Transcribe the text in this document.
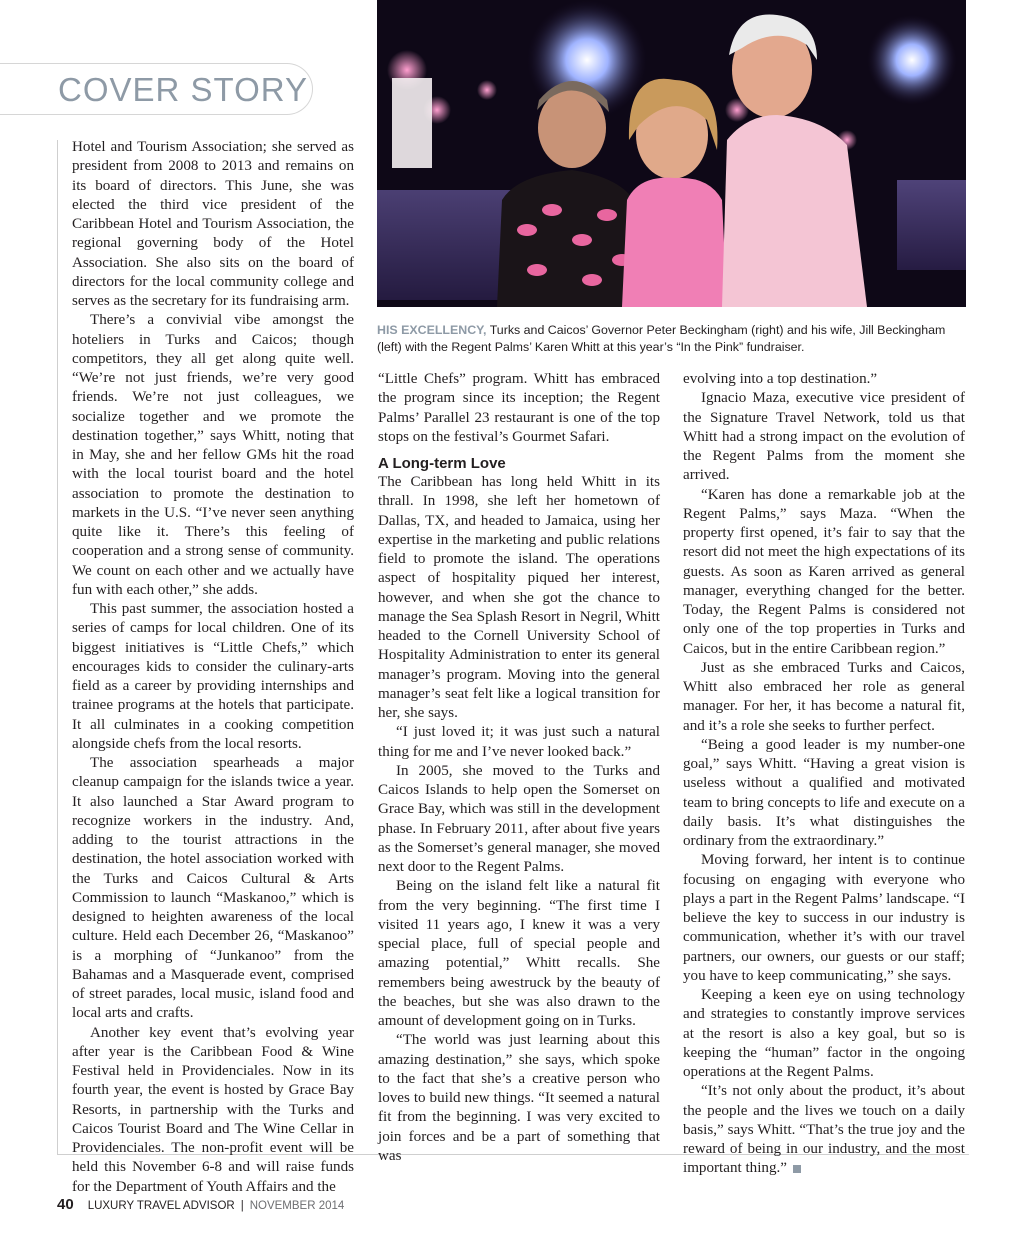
COVER STORY
HIS EXCELLENCY, Turks and Caicos’ Governor Peter Beckingham (right) and his wife, Jill Beckingham (left) with the Regent Palms’ Karen Whitt at this year’s “In the Pink” fundraiser.

Hotel and Tourism Association; she served as president from 2008 to 2013 and remains on its board of directors. This June, she was elected the third vice president of the Caribbean Hotel and Tourism Association, the regional governing body of the Hotel Association. She also sits on the board of directors for the local community college and serves as the secretary for its fundraising arm.

There’s a convivial vibe amongst the hoteliers in Turks and Caicos; though competitors, they all get along quite well. “We’re not just friends, we’re very good friends. We’re not just colleagues, we socialize together and we promote the destination together,” says Whitt, noting that in May, she and her fellow GMs hit the road with the local tourist board and the hotel association to promote the destination to markets in the U.S. “I’ve never seen anything quite like it. There’s this feeling of cooperation and a strong sense of community. We count on each other and we actually have fun with each other,” she adds.

This past summer, the association hosted a series of camps for local children. One of its biggest initiatives is “Little Chefs,” which encourages kids to consider the culinary-arts field as a career by providing internships and trainee programs at the hotels that participate. It all culminates in a cooking competition alongside chefs from the local resorts.

The association spearheads a major cleanup campaign for the islands twice a year. It also launched a Star Award program to recognize workers in the industry. And, adding to the tourist attractions in the destination, the hotel association worked with the Turks and Caicos Cultural & Arts Commission to launch “Maskanoo,” which is designed to heighten awareness of the local culture. Held each December 26, “Maskanoo” is a morphing of “Junkanoo” from the Bahamas and a Masquerade event, comprised of street parades, local music, island food and local arts and crafts.

Another key event that’s evolving year after year is the Caribbean Food & Wine Festival held in Providenciales. Now in its fourth year, the event is hosted by Grace Bay Resorts, in partnership with the Turks and Caicos Tourist Board and The Wine Cellar in Providenciales. The non-profit event will be held this November 6-8 and will raise funds for the Department of Youth Affairs and the

“Little Chefs” program. Whitt has embraced the program since its inception; the Regent Palms’ Parallel 23 restaurant is one of the top stops on the festival’s Gourmet Safari.

A Long-term Love

The Caribbean has long held Whitt in its thrall. In 1998, she left her hometown of Dallas, TX, and headed to Jamaica, using her expertise in the marketing and public relations field to promote the island. The operations aspect of hospitality piqued her interest, however, and when she got the chance to manage the Sea Splash Resort in Negril, Whitt headed to the Cornell University School of Hospitality Administration to enter its general manager’s program. Moving into the general manager’s seat felt like a logical transition for her, she says.

“I just loved it; it was just such a natural thing for me and I’ve never looked back.”

In 2005, she moved to the Turks and Caicos Islands to help open the Somerset on Grace Bay, which was still in the development phase. In February 2011, after about five years as the Somerset’s general manager, she moved next door to the Regent Palms.

Being on the island felt like a natural fit from the very beginning. “The first time I visited 11 years ago, I knew it was a very special place, full of special people and amazing potential,” Whitt recalls. She remembers being awestruck by the beauty of the beaches, but she was also drawn to the amount of development going on in Turks.

“The world was just learning about this amazing destination,” she says, which spoke to the fact that she’s a creative person who loves to build new things. “It seemed a natural fit from the beginning. I was very excited to join forces and be a part of something that was

evolving into a top destination.”

Ignacio Maza, executive vice president of the Signature Travel Network, told us that Whitt had a strong impact on the evolution of the Regent Palms from the moment she arrived.

“Karen has done a remarkable job at the Regent Palms,” says Maza. “When the property first opened, it’s fair to say that the resort did not meet the high expectations of its guests. As soon as Karen arrived as general manager, everything changed for the better. Today, the Regent Palms is considered not only one of the top properties in Turks and Caicos, but in the entire Caribbean region.”

Just as she embraced Turks and Caicos, Whitt also embraced her role as general manager. For her, it has become a natural fit, and it’s a role she seeks to further perfect.

“Being a good leader is my number-one goal,” says Whitt. “Having a great vision is useless without a qualified and motivated team to bring concepts to life and execute on a daily basis. It’s what distinguishes the ordinary from the extraordinary.”

Moving forward, her intent is to continue focusing on engaging with everyone who plays a part in the Regent Palms’ landscape. “I believe the key to success in our industry is communication, whether it’s with our travel partners, our owners, our guests or our staff; you have to keep communicating,” she says.

Keeping a keen eye on using technology and strategies to constantly improve services at the resort is also a key goal, but so is keeping the “human” factor in the ongoing operations at the Regent Palms.

“It’s not only about the product, it’s about the people and the lives we touch on a daily basis,” says Whitt. “That’s the true joy and the reward of being in our industry, and the most important thing.”

40 LUXURY TRAVEL ADVISOR | NOVEMBER 2014
